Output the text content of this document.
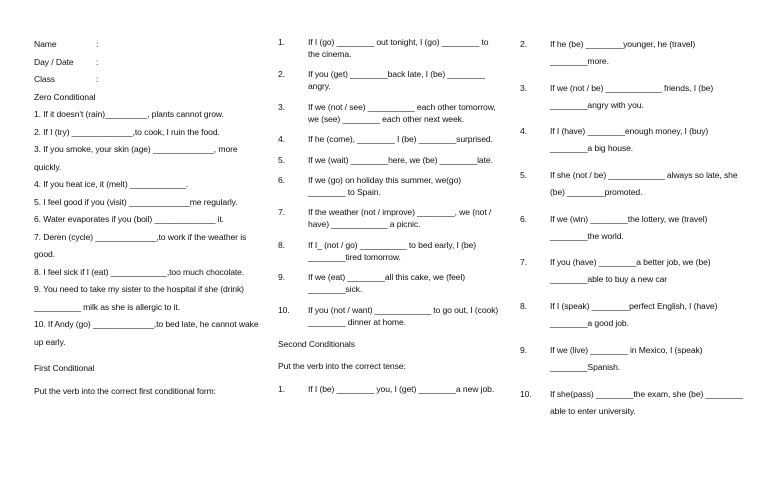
Name	:
Day / Date	:
Class	:
Zero Conditional
1. If it doesn't (rain)_________, plants cannot grow.
2. If I (try) _____________,to cook, I ruin the food.
3. If you smoke, your skin (age) _____________, more quickly.
4. If you heat ice, it (melt) ____________.
5. I feel good if you (visit) _____________me regularly.
6. Water evaporates if you (boil) _____________ it.
7. Deren (cycle) _____________,to work if the weather is good.
8. I feel sick if I (eat) ____________,too much chocolate.
9. You need to take my sister to the hospital if she (drink) __________ milk as she is allergic to it.
10. If Andy (go) _____________,to bed late, he cannot wake up early.
First Conditional
Put the verb into the correct first conditional form:
1.	If I (go) ________ out tonight, I (go) ________ to the cinema.
2.	If you (get) ________back late, I (be) ________ angry.
3.	If we (not / see) __________ each other tomorrow, we (see) ________ each other next week.
4.	If he (come), ________ I (be) ________surprised.
5.	If we (wait) ________here, we (be) ________late.
6.	If we (go) on holiday this summer, we(go) ________ to Spain.
7.	If the weather (not / improve) ________, we (not / have) ____________ a picnic.
8.	If I_ (not / go) __________ to bed early, I (be) ________tired tomorrow.
9.	If we (eat) ________all this cake, we (feel) ________sick.
10.	If you (not / want) ____________ to go out, I (cook) ________ dinner at home.
Second Conditionals
Put the verb into the correct tense:
1.	If I (be) ________ you, I (get) ________a new job.
2.	If he (be) ________younger, he (travel) ________more.
3.	If we (not / be) ____________ friends, I (be) ________angry with you.
4.	If I (have) ________enough money, I (buy) ________a big house.
5.	If she (not / be) ____________ always so late, she (be) ________promoted.
6.	If we (win) ________the lottery, we (travel) ________the world.
7.	If you (have) ________a better job, we (be) ________able to buy a new car
8.	If I (speak) ________perfect English, I (have) ________a good job.
9.	If we (live) ________ in Mexico, I (speak) ________Spanish.
10.	If she(pass) ________the exam, she (be) ________ able to enter university.
